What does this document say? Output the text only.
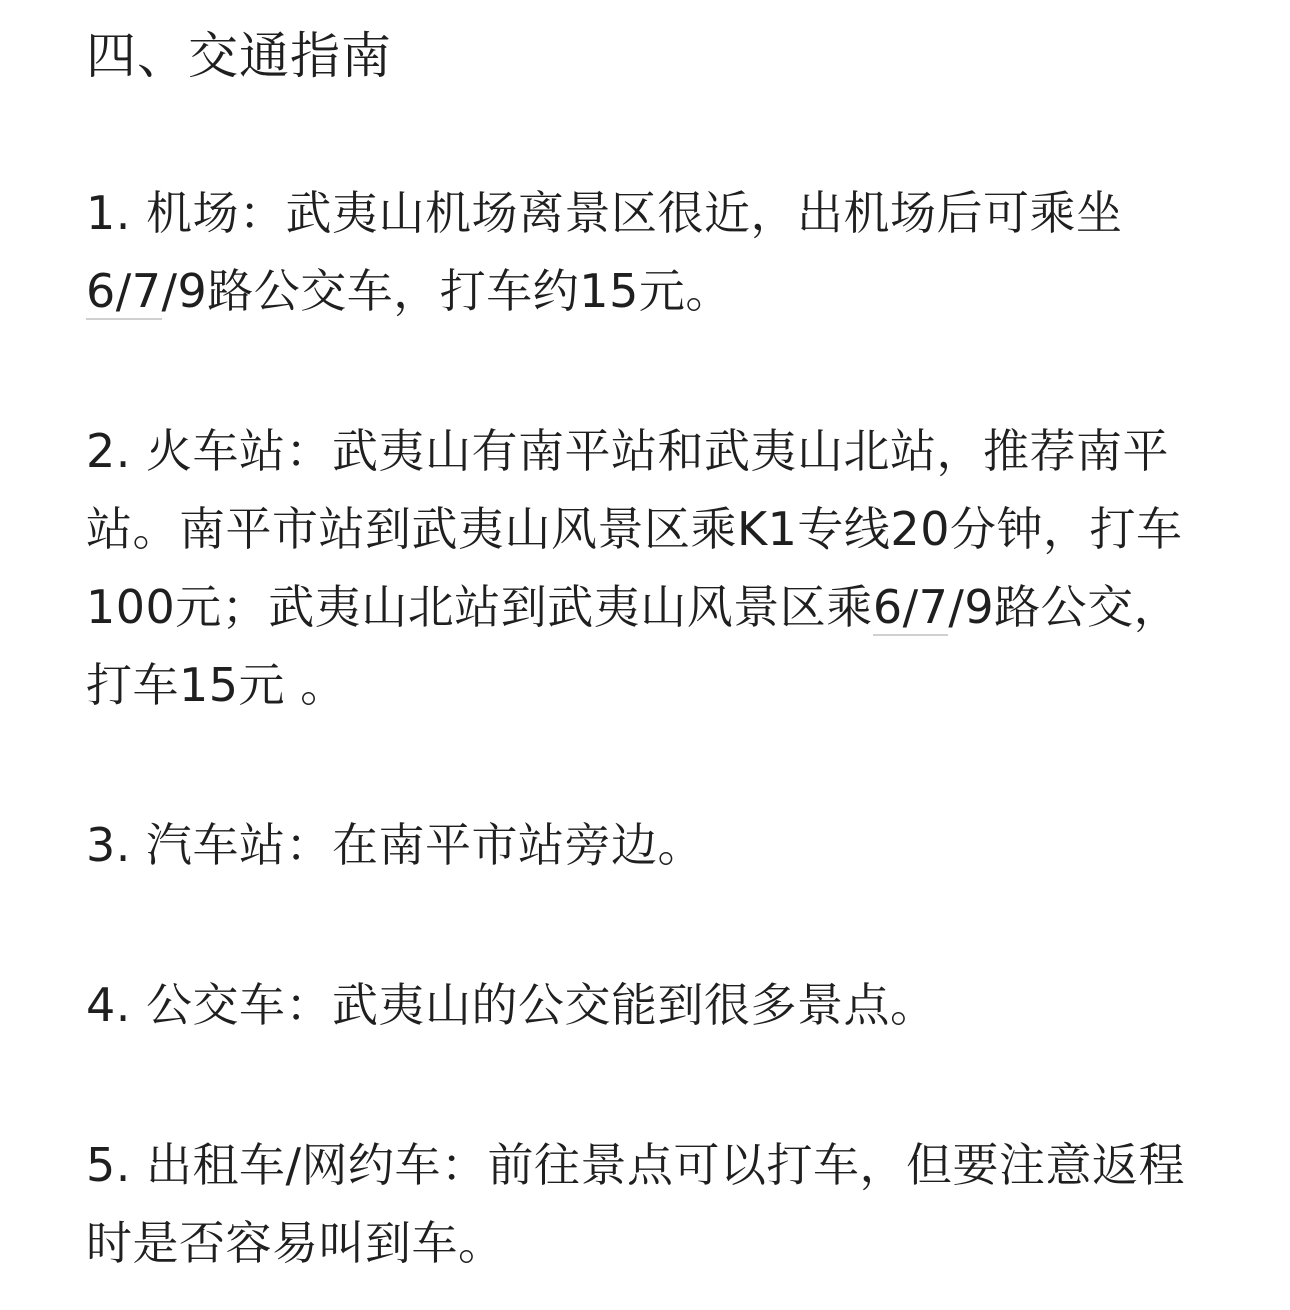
四、交通指南

1. 机场：武夷山机场离景区很近，出机场后可乘坐6/7/9路公交车，打车约15元。

2. 火车站：武夷山有南平站和武夷山北站，推荐南平站。南平市站到武夷山风景区乘K1专线20分钟，打车100元；武夷山北站到武夷山风景区乘6/7/9路公交，打车15元 。

3. 汽车站：在南平市站旁边。

4. 公交车：武夷山的公交能到很多景点。

5. 出租车/网约车：前往景点可以打车，但要注意返程时是否容易叫到车。
